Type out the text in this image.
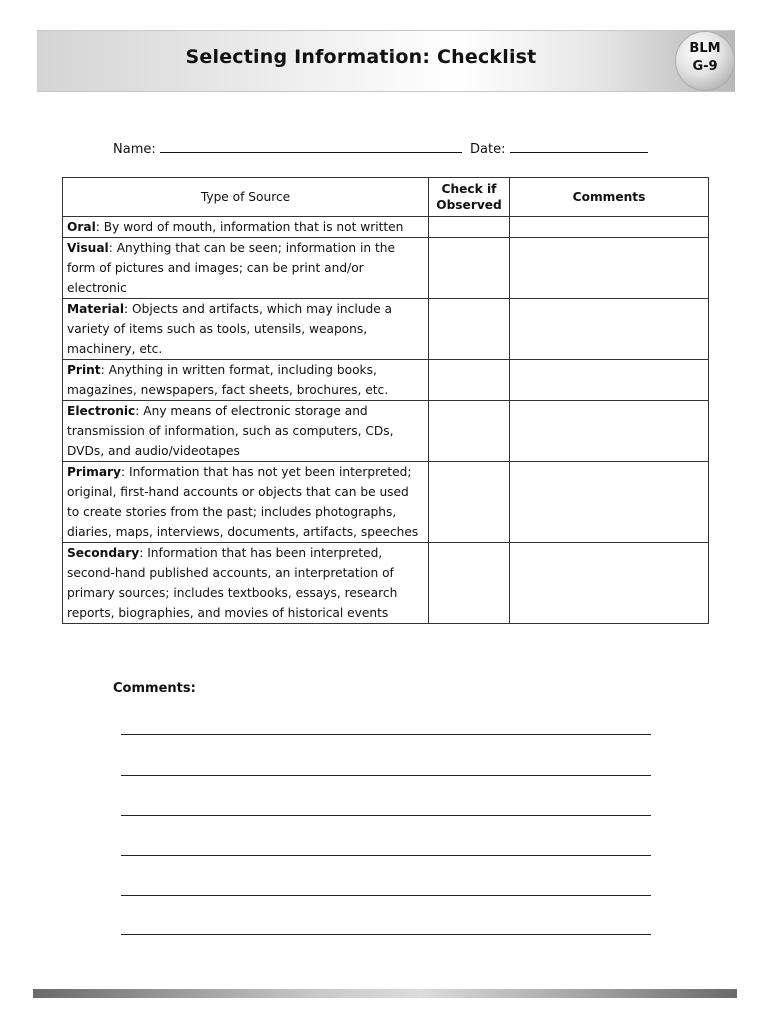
Selecting Information: Checklist	BLM
G-9
Name:	Date:
Type of Source	Check if Observed	Comments
Oral: By word of mouth, information that is not written		
Visual: Anything that can be seen; information in the form of pictures and images; can be print and/or electronic		
Material: Objects and artifacts, which may include a variety of items such as tools, utensils, weapons, machinery, etc.		
Print: Anything in written format, including books, magazines, newspapers, fact sheets, brochures, etc.		
Electronic: Any means of electronic storage and transmission of information, such as computers, CDs, DVDs, and audio/videotapes		
Primary: Information that has not yet been interpreted; original, first-hand accounts or objects that can be used to create stories from the past; includes photographs, diaries, maps, interviews, documents, artifacts, speeches		
Secondary: Information that has been interpreted, second-hand published accounts, an interpretation of primary sources; includes textbooks, essays, research reports, biographies, and movies of historical events		
Comments:
